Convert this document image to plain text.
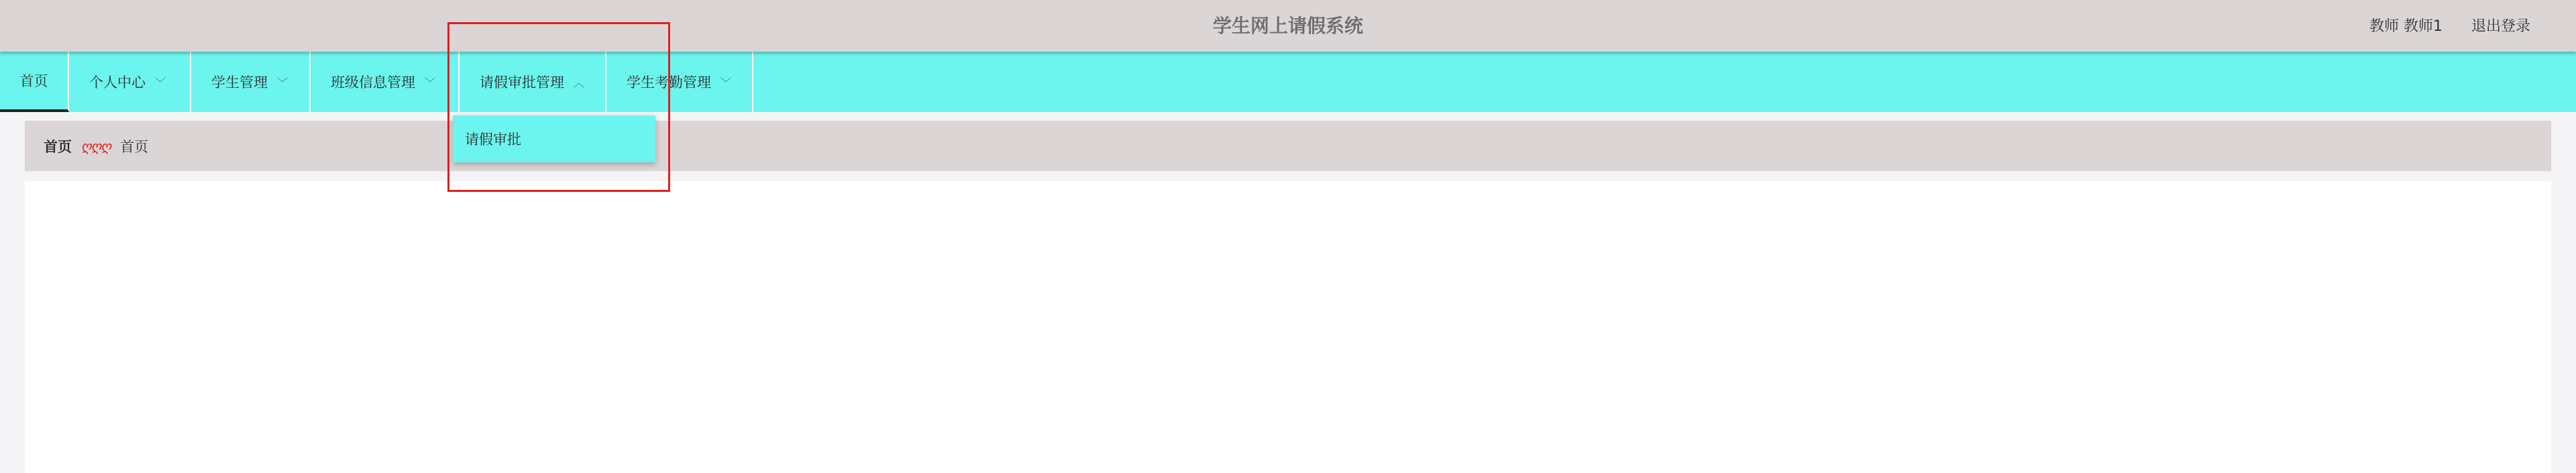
学生网上请假系统	教师 教师1 退出登录
首页	个人中心 ﹀	学生管理 ﹀	班级信息管理 ﹀	请假审批管理 ︿	学生考勤管理 ﹀
请假审批
首页 ღღღ 首页
